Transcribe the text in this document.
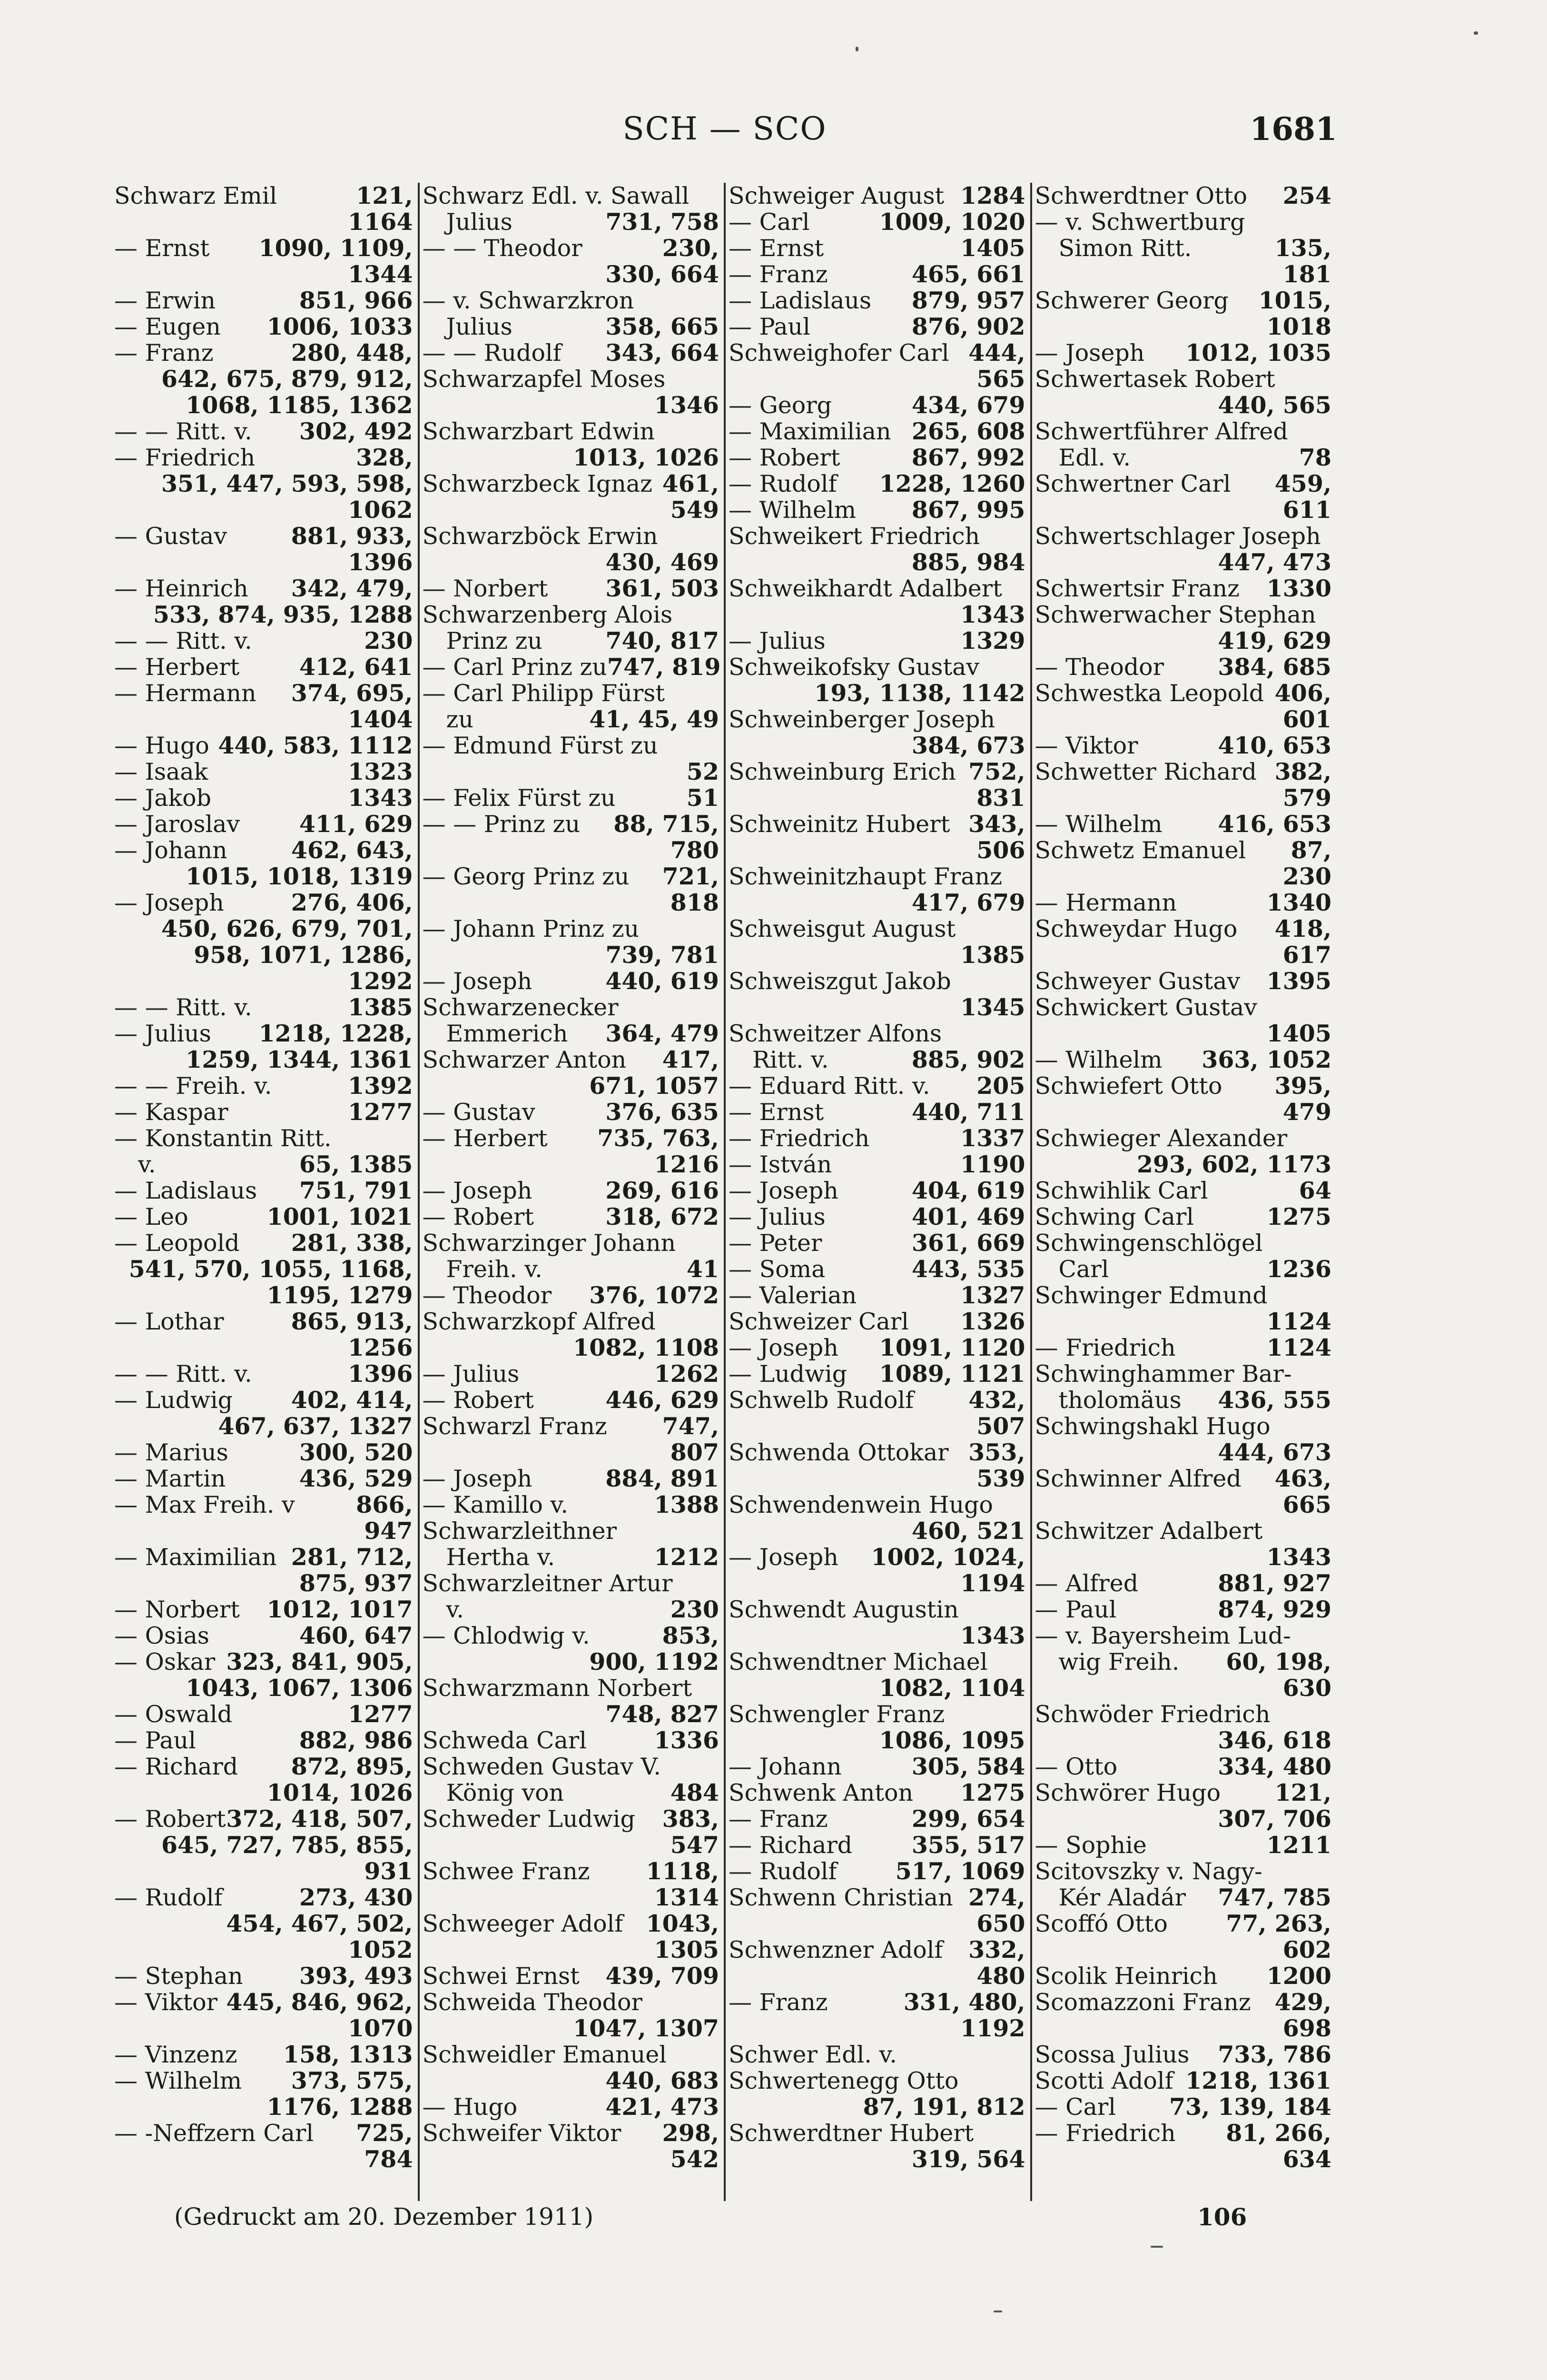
SCH — SCO	1681
Schwarz Emil	121,
1164
— Ernst 1090, 1109,
1344
— Erwin	851, 966
— Eugen 1006, 1033
— Franz	280, 448,
642, 675, 879, 912,
1068, 1185, 1362
— — Ritt. v. 302, 492
— Friedrich	328,
351, 447, 593, 598,
1062
— Gustav	881, 933,
1396
— Heinrich 342, 479,
533, 874, 935, 1288
— — Ritt. v.	230
— Herbert	412, 641
— Hermann 374, 695,
1404
— Hugo 440, 583, 1112
— Isaak	1323
— Jakob	1343
— Jaroslav	411, 629
— Johann	462, 643,
1015, 1018, 1319
— Joseph	276, 406,
450, 626, 679, 701,
958, 1071, 1286,
1292
— — Ritt. v.	1385
— Julius 1218, 1228,
1259, 1344, 1361
— — Freih. v.	1392
— Kaspar	1277
— Konstantin Ritt.
v.	65, 1385
— Ladislaus 751, 791
— Leo	1001, 1021
— Leopold 281, 338,
541, 570, 1055, 1168,
1195, 1279
— Lothar	865, 913,
1256
— — Ritt. v.	1396
— Ludwig	402, 414,
467, 637, 1327
— Marius	300, 520
— Martin	436, 529
— Max Freih. v	866,
947
— Maximilian 281, 712,
875, 937
— Norbert 1012, 1017
— Osias	460, 647
— Oskar 323, 841, 905,
1043, 1067, 1306
— Oswald	1277
— Paul	882, 986
— Richard 872, 895,
1014, 1026
— Robert 372, 418, 507,
645, 727, 785, 855,
931
— Rudolf	273, 430
454, 467, 502,
1052
— Stephan 393, 493
— Viktor 445, 846, 962,
1070
— Vinzenz 158, 1313
— Wilhelm 373, 575,
1176, 1288
— -Neffzern Carl 725,
784
Schwarz Edl. v. Sawall
Julius	731, 758
— — Theodor	230,
330, 664
— v. Schwarzkron
Julius	358, 665
— — Rudolf 343, 664
Schwarzapfel Moses
1346
Schwarzbart Edwin
1013, 1026
Schwarzbeck Ignaz 461,
549
Schwarzböck Erwin
430, 469
— Norbert 361, 503
Schwarzenberg Alois
Prinz zu	740, 817
— Carl Prinz zu 747, 819
— Carl Philipp Fürst
zu	41, 45, 49
— Edmund Fürst zu
52
— Felix Fürst zu	51
— — Prinz zu 88, 715,
780
— Georg Prinz zu 721,
818
— Johann Prinz zu
739, 781
— Joseph	440, 619
Schwarzenecker
Emmerich 364, 479
Schwarzer Anton 417,
671, 1057
— Gustav	376, 635
— Herbert 735, 763,
1216
— Joseph	269, 616
— Robert	318, 672
Schwarzinger Johann
Freih. v.	41
— Theodor 376, 1072
Schwarzkopf Alfred
1082, 1108
— Julius	1262
— Robert	446, 629
Schwarzl Franz 747,
807
— Joseph	884, 891
— Kamillo v.	1388
Schwarzleithner
Hertha v.	1212
Schwarzleitner Artur
v.	230
— Chlodwig v.	853,
900, 1192
Schwarzmann Norbert
748, 827
Schweda Carl	1336
Schweden Gustav V.
König von	484
Schweder Ludwig 383,
547
Schwee Franz 1118,
1314
Schweeger Adolf 1043,
1305
Schwei Ernst 439, 709
Schweida Theodor
1047, 1307
Schweidler Emanuel
440, 683
— Hugo	421, 473
Schweifer Viktor 298,
542
Schweiger August 1284
— Carl	1009, 1020
— Ernst	1405
— Franz	465, 661
— Ladislaus 879, 957
— Paul	876, 902
Schweighofer Carl 444,
565
— Georg	434, 679
— Maximilian 265, 608
— Robert	867, 992
— Rudolf 1228, 1260
— Wilhelm 867, 995
Schweikert Friedrich
885, 984
Schweikhardt Adalbert
1343
— Julius	1329
Schweikofsky Gustav
193, 1138, 1142
Schweinberger Joseph
384, 673
Schweinburg Erich 752,
831
Schweinitz Hubert 343,
506
Schweinitzhaupt Franz
417, 679
Schweisgut August
1385
Schweiszgut Jakob
1345
Schweitzer Alfons
Ritt. v.	885, 902
— Eduard Ritt. v. 205
— Ernst	440, 711
— Friedrich	1337
— István	1190
— Joseph	404, 619
— Julius	401, 469
— Peter	361, 669
— Soma	443, 535
— Valerian	1327
Schweizer Carl 1326
— Joseph 1091, 1120
— Ludwig 1089, 1121
Schwelb Rudolf 432,
507
Schwenda Ottokar 353,
539
Schwendenwein Hugo
460, 521
— Joseph 1002, 1024,
1194
Schwendt Augustin
1343
Schwendtner Michael
1082, 1104
Schwengler Franz
1086, 1095
— Johann	305, 584
Schwenk Anton 1275
— Franz	299, 654
— Richard	355, 517
— Rudolf	517, 1069
Schwenn Christian 274,
650
Schwenzner Adolf 332,
480
— Franz	331, 480,
1192
Schwer Edl. v.
Schwertenegg Otto
87, 191, 812
Schwerdtner Hubert
319, 564
Schwerdtner Otto 254
— v. Schwertburg
Simon Ritt.	135,
181
Schwerer Georg 1015,
1018
— Joseph 1012, 1035
Schwertasek Robert
440, 565
Schwertführer Alfred
Edl. v.	78
Schwertner Carl 459,
611
Schwertschlager Joseph
447, 473
Schwertsir Franz 1330
Schwerwacher Stephan
419, 629
— Theodor 384, 685
Schwestka Leopold 406,
601
— Viktor	410, 653
Schwetter Richard 382,
579
— Wilhelm 416, 653
Schwetz Emanuel 87,
230
— Hermann	1340
Schweydar Hugo 418,
617
Schweyer Gustav 1395
Schwickert Gustav
1405
— Wilhelm 363, 1052
Schwiefert Otto 395,
479
Schwieger Alexander
293, 602, 1173
Schwihlik Carl	64
Schwing Carl	1275
Schwingenschlögel
Carl	1236
Schwinger Edmund
1124
— Friedrich	1124
Schwinghammer Bar-
tholomäus 436, 555
Schwingshakl Hugo
444, 673
Schwinner Alfred 463,
665
Schwitzer Adalbert
1343
— Alfred	881, 927
— Paul	874, 929
— v. Bayersheim Lud-
wig Freih. 60, 198,
630
Schwöder Friedrich
346, 618
— Otto	334, 480
Schwörer Hugo 121,
307, 706
— Sophie	1211
Scitovszky v. Nagy-
Kér Aladár 747, 785
Scoffó Otto 77, 263,
602
Scolik Heinrich 1200
Scomazzoni Franz 429,
698
Scossa Julius 733, 786
Scotti Adolf 1218, 1361
— Carl 73, 139, 184
— Friedrich 81, 266,
634
(Gedruckt am 20. Dezember 1911)	106
